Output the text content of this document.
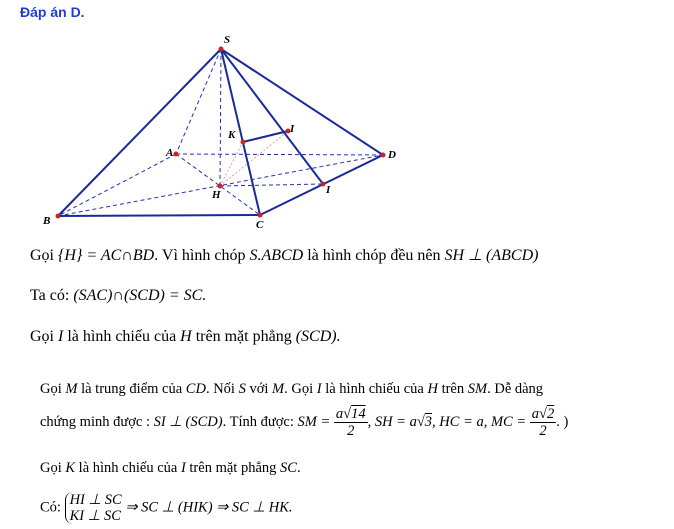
Đáp án D.
S
A
B	C
D
H
K	I
I
Gọi {H} = AC∩BD. Vì hình chóp S.ABCD là hình chóp đều nên SH ⊥ (ABCD)
Ta có: (SAC)∩(SCD) = SC.
Gọi I là hình chiếu của H trên mặt phẳng (SCD).
Gọi M là trung điểm của CD. Nối S với M. Gọi I là hình chiếu của H trên SM. Dễ dàng
chứng minh được : SI ⊥ (SCD). Tính được: SM = $\frac{a√14}{2}$ , SH = a√3, HC = a, MC = $\frac{a√2}{2}$ . )
Gọi K là hình chiếu của I trên mặt phẳng SC.
Có: HI ⊥ SC
KI ⊥ SC
⇒ SC ⊥ (HIK) ⇒ SC ⊥ HK.
